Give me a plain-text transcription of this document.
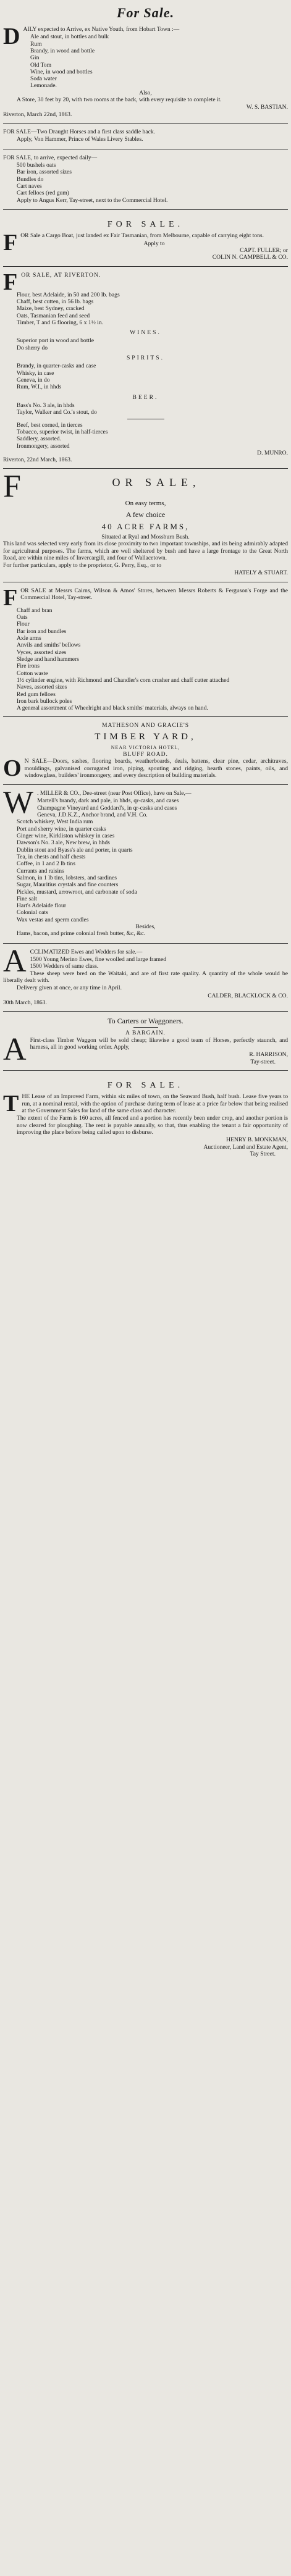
For Sale.
D AILY expected to Arrive, ex Native Youth, from Hobart Town :—

Ale and stout, in bottles and bulk
Rum
Brandy, in wood and bottle
Gin
Old Tom
Wine, in wood and bottles
Soda water
Lemonade.
Also,

A Store, 30 feet by 20, with two rooms at the back, with every requisite to complete it.

W. S. BASTIAN.
Riverton, March 22nd, 1863.

FOR SALE—Two Draught Horses and a first class saddle hack.

Apply, Von Hammer, Prince of Wales Livery Stables.

FOR SALE, to arrive, expected daily—

500 bushels oats
Bar iron, assorted sizes
Bundles do
Cart naves
Cart felloes (red gum)

Apply to Angus Kerr, Tay-street, next to the Commercial Hotel.

FOR SALE.
F OR Sale a Cargo Boat, just landed ex Fair Tasmanian, from Melbourne, capable of carrying eight tons.

Apply to
CAPT. FULLER; or
COLIN N. CAMPBELL & CO.
F OR SALE, AT RIVERTON.
Flour, best Adelaide, in 50 and 200 lb. bags
Chaff, best cutten, in 56 lb. bags
Maize, best Sydney, cracked
Oats, Tasmanian feed and seed
Timber, T and G flooring, 6 x 1½ in.
WINES.
Superior port in wood and bottle
Do sherry do
SPIRITS.
Brandy, in quarter-casks and case
Whisky, in case
Geneva, in do
Rum, W.I., in hhds
BEER.
Bass's No. 3 ale, in hhds
Taylor, Walker and Co.'s stout, do
Beef, best corned, in tierces
Tobacco, superior twist, in half-tierces
Saddlery, assorted.
Ironmongery, assorted
D. MUNRO.
Riverton, 22nd March, 1863.
F	OR SALE,
On easy terms,
A few choice
40 ACRE FARMS,
Situated at Ryal and Mossburn Bush.

This land was selected very early from its close proximity to two important townships, and its being admirably adapted for agricultural purposes. The farms, which are well sheltered by bush and have a large frontage to the Great North Road, are within nine miles of Invercargill, and four of Wallacetown.

For further particulars, apply to the proprietor, G. Perry, Esq., or to

HATELY & STUART.
F OR SALE at Messrs Cairns, Wilson & Amos' Stores, between Messrs Roberts & Ferguson's Forge and the Commercial Hotel, Tay-street.

Chaff and bran
Oats
Flour
Bar iron and bundles
Axle arms
Anvils and smiths' bellows
Vyces, assorted sizes
Sledge and hand hammers
Fire irons
Cotton waste
1½ cylinder engine, with Richmond and Chandler's corn crusher and chaff cutter attached
Naves, assorted sizes
Red gum felloes
Iron bark bullock poles
A general assortment of Wheelright and black smiths' materials, always on hand.
MATHESON AND GRACIE'S
TIMBER YARD,
NEAR VICTORIA HOTEL,
BLUFF ROAD.
O N SALE—Doors, sashes, flooring boards, weatherboards, deals, battens, clear pine, cedar, architraves, mouldings, galvanised corrugated iron, piping, spouting and ridging, hearth stones, paints, oils, and windowglass, builders' ironmongery, and every description of building materials.

W . MILLER & CO., Dee-street (near Post Office), have on Sale,—

Martell's brandy, dark and pale, in hhds, qr-casks, and cases
Champagne Vineyard and Goddard's, in qr-casks and cases
Geneva, J.D.K.Z., Anchor brand, and V.H. Co.
Scotch whiskey, West India rum
Port and sherry wine, in quarter casks
Ginger wine, Kirkliston whiskey in cases
Dawson's No. 3 ale, New brew, in hhds
Dublin stout and Byass's ale and porter, in quarts
Tea, in chests and half chests
Coffee, in 1 and 2 lb tins
Currants and raisins
Salmon, in 1 lb tins, lobsters, and sardines
Sugar, Mauritius crystals and fine counters
Pickles, mustard, arrowroot, and carbonate of soda
Fine salt
Hart's Adelaide flour
Colonial oats
Wax vestas and sperm candles
Besides,

Hams, bacon, and prime colonial fresh butter, &c, &c.

A CCLIMATIZED Ewes and Wedders for sale.—

1500 Young Merino Ewes, fine woolled and large framed
1500 Wedders of same class.

These sheep were bred on the Waitaki, and are of first rate quality. A quantity of the whole would be liberally dealt with.

Delivery given at once, or any time in April.

CALDER, BLACKLOCK & CO.
30th March, 1863.
To Carters or Waggoners.
A BARGAIN.
A First-class Timber Waggon will be sold cheap; likewise a good team of Horses, perfectly staunch, and harness, all in good working order. Apply,

R. HARRISON,
Tay-street.
FOR SALE.
T HE Lease of an Improved Farm, within six miles of town, on the Seaward Bush, half bush. Lease five years to run, at a nominal rental, with the option of purchase during term of lease at a price far below that being realised at the Government Sales for land of the same class and character.

The extent of the Farm is 160 acres, all fenced and a portion has recently been under crop, and another portion is now cleared for ploughing. The rent is payable annually, so that, thus enabling the tenant a fair opportunity of improving the place before being called upon to disburse.

HENRY B. MONKMAN,
Auctioneer, Land and Estate Agent,
Tay Street.
